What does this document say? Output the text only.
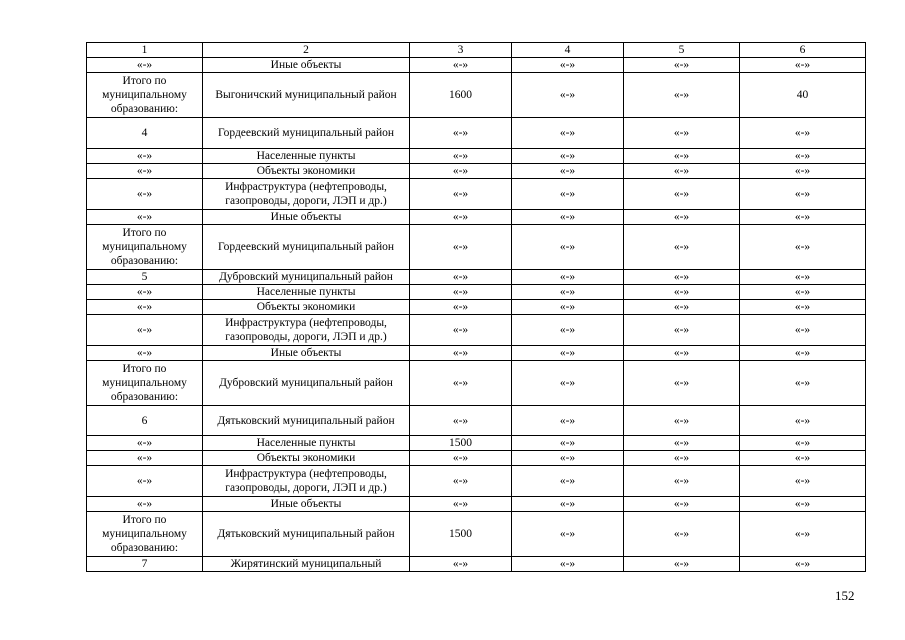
1	2	3	4	5	6
«-»	Иные объекты	«-»	«-»	«-»	«-»
Итого по муниципальному образованию:	Выгоничский муниципальный район	1600	«-»	«-»	40
4	Гордеевский муниципальный район	«-»	«-»	«-»	«-»
«-»	Населенные пункты	«-»	«-»	«-»	«-»
«-»	Объекты экономики	«-»	«-»	«-»	«-»
«-»	Инфраструктура (нефтепроводы, газопроводы, дороги, ЛЭП и др.)	«-»	«-»	«-»	«-»
«-»	Иные объекты	«-»	«-»	«-»	«-»
Итого по муниципальному образованию:	Гордеевский муниципальный район	«-»	«-»	«-»	«-»
5	Дубровский муниципальный район	«-»	«-»	«-»	«-»
«-»	Населенные пункты	«-»	«-»	«-»	«-»
«-»	Объекты экономики	«-»	«-»	«-»	«-»
«-»	Инфраструктура (нефтепроводы, газопроводы, дороги, ЛЭП и др.)	«-»	«-»	«-»	«-»
«-»	Иные объекты	«-»	«-»	«-»	«-»
Итого по муниципальному образованию:	Дубровский муниципальный район	«-»	«-»	«-»	«-»
6	Дятьковский муниципальный район	«-»	«-»	«-»	«-»
«-»	Населенные пункты	1500	«-»	«-»	«-»
«-»	Объекты экономики	«-»	«-»	«-»	«-»
«-»	Инфраструктура (нефтепроводы, газопроводы, дороги, ЛЭП и др.)	«-»	«-»	«-»	«-»
«-»	Иные объекты	«-»	«-»	«-»	«-»
Итого по муниципальному образованию:	Дятьковский муниципальный район	1500	«-»	«-»	«-»
7	Жирятинский муниципальный	«-»	«-»	«-»	«-»
152
